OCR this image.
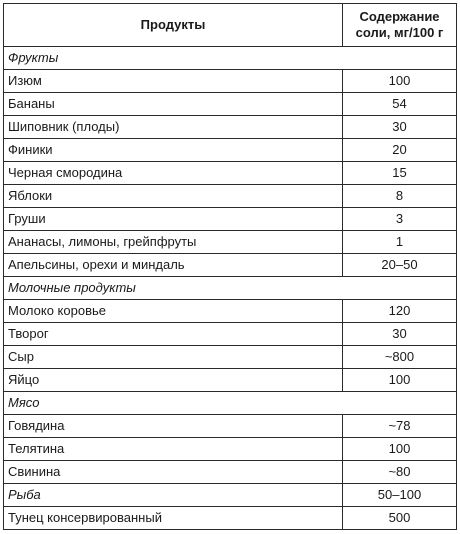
Продукты	Содержание соли, мг/100 г
Фрукты	
Изюм	100
Бананы	54
Шиповник (плоды)	30
Финики	20
Черная смородина	15
Яблоки	8
Груши	3
Ананасы, лимоны, грейпфруты	1
Апельсины, орехи и миндаль	20–50
Молочные продукты	
Молоко коровье	120
Творог	30
Сыр	~800
Яйцо	100
Мясо	
Говядина	~78
Телятина	100
Свинина	~80
Рыба	50–100
Тунец консервированный	500
